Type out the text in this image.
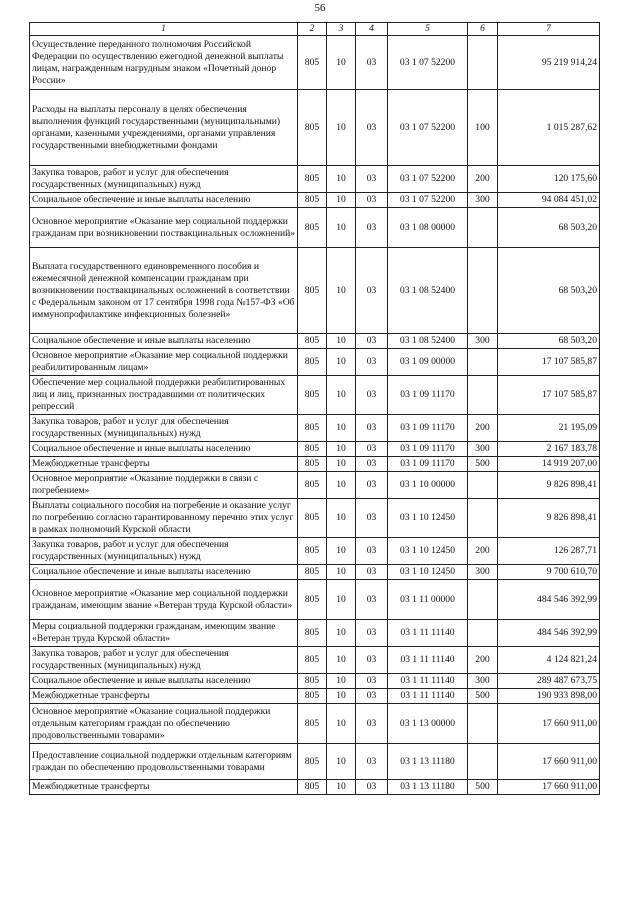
56
1	2	3	4	5	6	7
Осуществление переданного полномочия Российской Федерации по осуществлению ежегодной денежной выплаты лицам, награжденным нагрудным знаком «Почетный донор России»	805	10	03	03 1 07 52200		95 219 914,24
Расходы на выплаты персоналу в целях обеспечения выполнения функций государственными (муниципальными) органами, казенными учреждениями, органами управления государственными внебюджетными фондами	805	10	03	03 1 07 52200	100	1 015 287,62
Закупка товаров, работ и услуг для обеспечения государственных (муниципальных) нужд	805	10	03	03 1 07 52200	200	120 175,60
Социальное обеспечение и иные выплаты населению	805	10	03	03 1 07 52200	300	94 084 451,02
Основное мероприятие «Оказание мер социальной поддержки гражданам при возникновении поствакцинальных осложнений»	805	10	03	03 1 08 00000		68 503,20
Выплата государственного единовременного пособия и ежемесячной денежной компенсации гражданам при возникновении поствакцинальных осложнений в соответствии с Федеральным законом от 17 сентября 1998 года №157-ФЗ «Об иммунопрофилактике инфекционных болезней»	805	10	03	03 1 08 52400		68 503,20
Социальное обеспечение и иные выплаты населению	805	10	03	03 1 08 52400	300	68 503,20
Основное мероприятие «Оказание мер социальной поддержки реабилитированным лицам»	805	10	03	03 1 09 00000		17 107 585,87
Обеспечение мер социальной поддержки реабилитированных лиц и лиц, признанных пострадавшими от политических репрессий	805	10	03	03 1 09 11170		17 107 585,87
Закупка товаров, работ и услуг для обеспечения государственных (муниципальных) нужд	805	10	03	03 1 09 11170	200	21 195,09
Социальное обеспечение и иные выплаты населению	805	10	03	03 1 09 11170	300	2 167 183,78
Межбюджетные трансферты	805	10	03	03 1 09 11170	500	14 919 207,00
Основное мероприятие «Оказание поддержки в связи с погребением»	805	10	03	03 1 10 00000		9 826 898,41
Выплаты социального пособия на погребение и оказание услуг по погребению согласно гарантированному перечню этих услуг в рамках полномочий Курской области	805	10	03	03 1 10 12450		9 826 898,41
Закупка товаров, работ и услуг для обеспечения государственных (муниципальных) нужд	805	10	03	03 1 10 12450	200	126 287,71
Социальное обеспечение и иные выплаты населению	805	10	03	03 1 10 12450	300	9 700 610,70
Основное мероприятие «Оказание мер социальной поддержки гражданам, имеющим звание «Ветеран труда Курской области»	805	10	03	03 1 11 00000		484 546 392,99
Меры социальной поддержки гражданам, имеющим звание «Ветеран труда Курской области»	805	10	03	03 1 11 11140		484 546 392,99
Закупка товаров, работ и услуг для обеспечения государственных (муниципальных) нужд	805	10	03	03 1 11 11140	200	4 124 821,24
Социальное обеспечение и иные выплаты населению	805	10	03	03 1 11 11140	300	289 487 673,75
Межбюджетные трансферты	805	10	03	03 1 11 11140	500	190 933 898,00
Основное мероприятие «Оказание социальной поддержки отдельным категориям граждан по обеспечению продовольственными товарами»	805	10	03	03 1 13 00000		17 660 911,00
Предоставление социальной поддержки отдельным категориям граждан по обеспечению продовольственными товарами	805	10	03	03 1 13 11180		17 660 911,00
Межбюджетные трансферты	805	10	03	03 1 13 11180	500	17 660 911,00
